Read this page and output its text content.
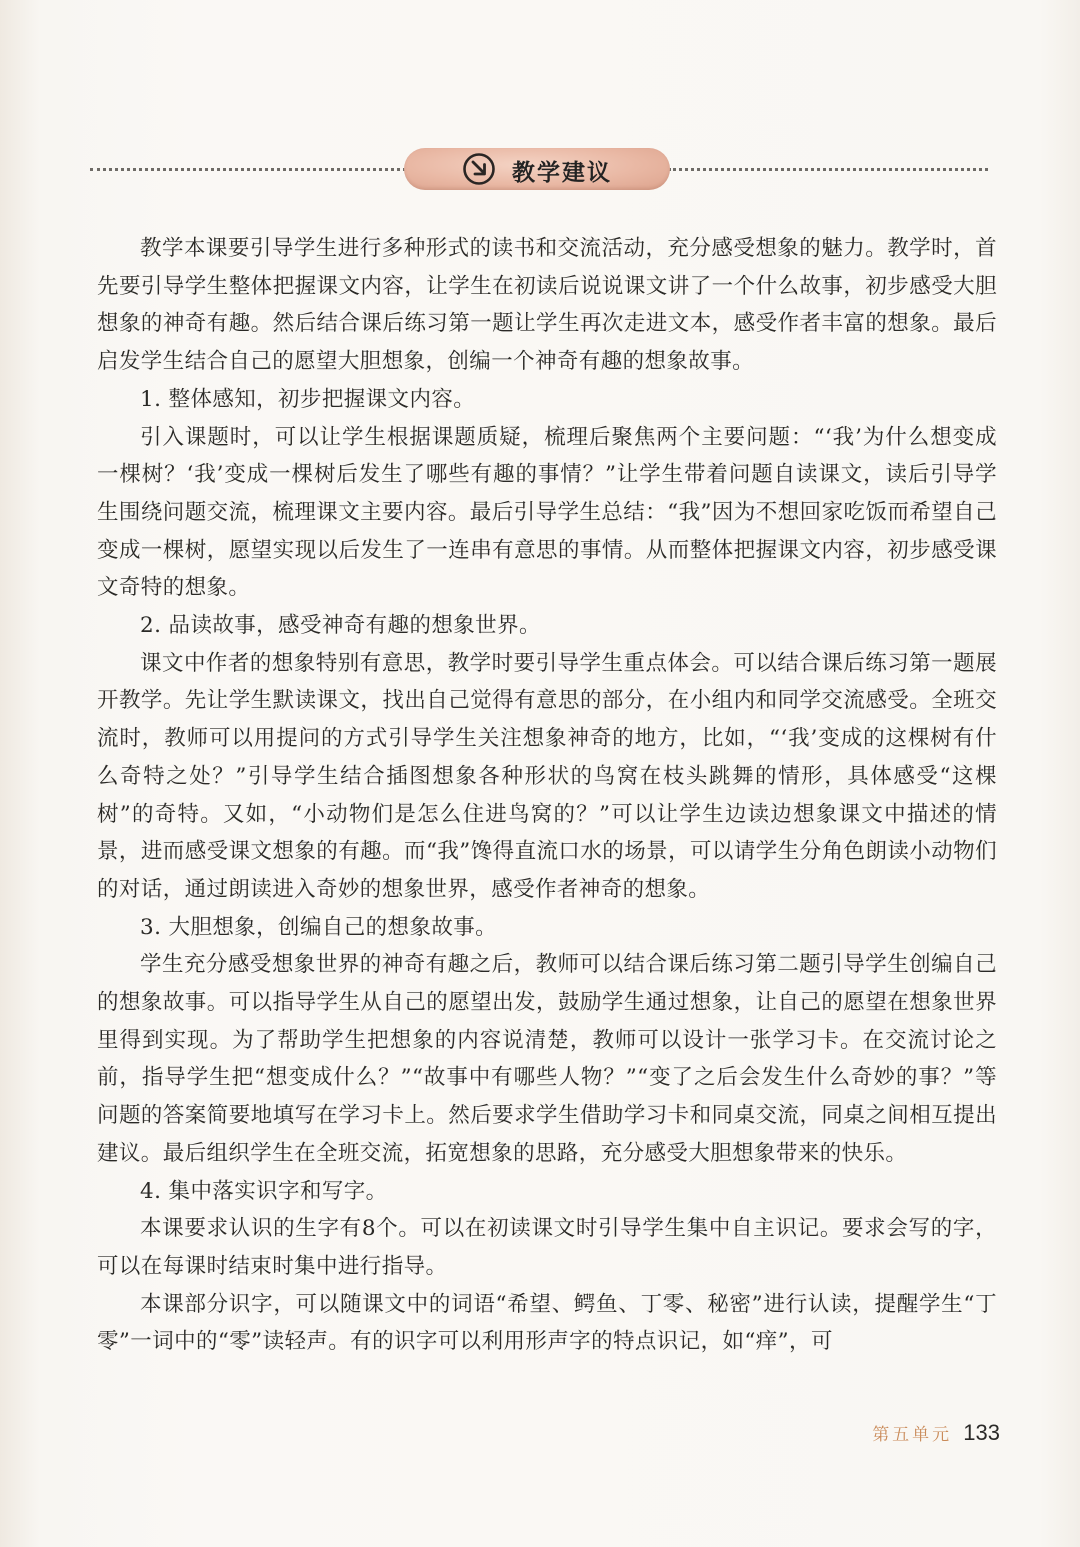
教学建议

教学本课要引导学生进行多种形式的读书和交流活动，充分感受想象的魅力。教学时，首先要引导学生整体把握课文内容，让学生在初读后说说课文讲了一个什么故事，初步感受大胆想象的神奇有趣。然后结合课后练习第一题让学生再次走进文本，感受作者丰富的想象。最后启发学生结合自己的愿望大胆想象，创编一个神奇有趣的想象故事。

1. 整体感知，初步把握课文内容。

引入课题时，可以让学生根据课题质疑，梳理后聚焦两个主要问题：“‘我’为什么想变成一棵树？‘我’变成一棵树后发生了哪些有趣的事情？”让学生带着问题自读课文，读后引导学生围绕问题交流，梳理课文主要内容。最后引导学生总结：“我”因为不想回家吃饭而希望自己变成一棵树，愿望实现以后发生了一连串有意思的事情。从而整体把握课文内容，初步感受课文奇特的想象。

2. 品读故事，感受神奇有趣的想象世界。

课文中作者的想象特别有意思，教学时要引导学生重点体会。可以结合课后练习第一题展开教学。先让学生默读课文，找出自己觉得有意思的部分，在小组内和同学交流感受。全班交流时，教师可以用提问的方式引导学生关注想象神奇的地方，比如，“‘我’变成的这棵树有什么奇特之处？”引导学生结合插图想象各种形状的鸟窝在枝头跳舞的情形，具体感受“这棵树”的奇特。又如，“小动物们是怎么住进鸟窝的？”可以让学生边读边想象课文中描述的情景，进而感受课文想象的有趣。而“我”馋得直流口水的场景，可以请学生分角色朗读小动物们的对话，通过朗读进入奇妙的想象世界，感受作者神奇的想象。

3. 大胆想象，创编自己的想象故事。

学生充分感受想象世界的神奇有趣之后，教师可以结合课后练习第二题引导学生创编自己的想象故事。可以指导学生从自己的愿望出发，鼓励学生通过想象，让自己的愿望在想象世界里得到实现。为了帮助学生把想象的内容说清楚，教师可以设计一张学习卡。在交流讨论之前，指导学生把“想变成什么？”“故事中有哪些人物？”“变了之后会发生什么奇妙的事？”等问题的答案简要地填写在学习卡上。然后要求学生借助学习卡和同桌交流，同桌之间相互提出建议。最后组织学生在全班交流，拓宽想象的思路，充分感受大胆想象带来的快乐。

4. 集中落实识字和写字。

本课要求认识的生字有8个。可以在初读课文时引导学生集中自主识记。要求会写的字，可以在每课时结束时集中进行指导。

本课部分识字，可以随课文中的词语“希望、鳄鱼、丁零、秘密”进行认读，提醒学生“丁零”一词中的“零”读轻声。有的识字可以利用形声字的特点识记，如“痒”，可

第五单元 133
